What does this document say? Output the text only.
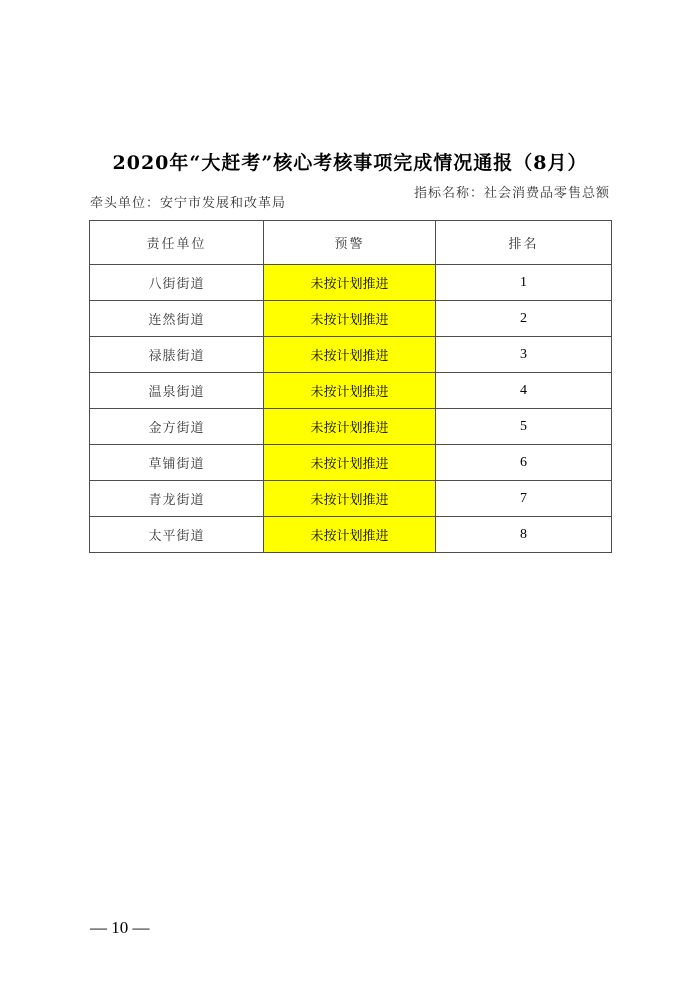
2020年“大赶考”核心考核事项完成情况通报（8月）
牵头单位：安宁市发展和改革局
指标名称：社会消费品零售总额
责任单位	预警	排名
八街街道	未按计划推进	1
连然街道	未按计划推进	2
禄脿街道	未按计划推进	3
温泉街道	未按计划推进	4
金方街道	未按计划推进	5
草铺街道	未按计划推进	6
青龙街道	未按计划推进	7
太平街道	未按计划推进	8
— 10 —
